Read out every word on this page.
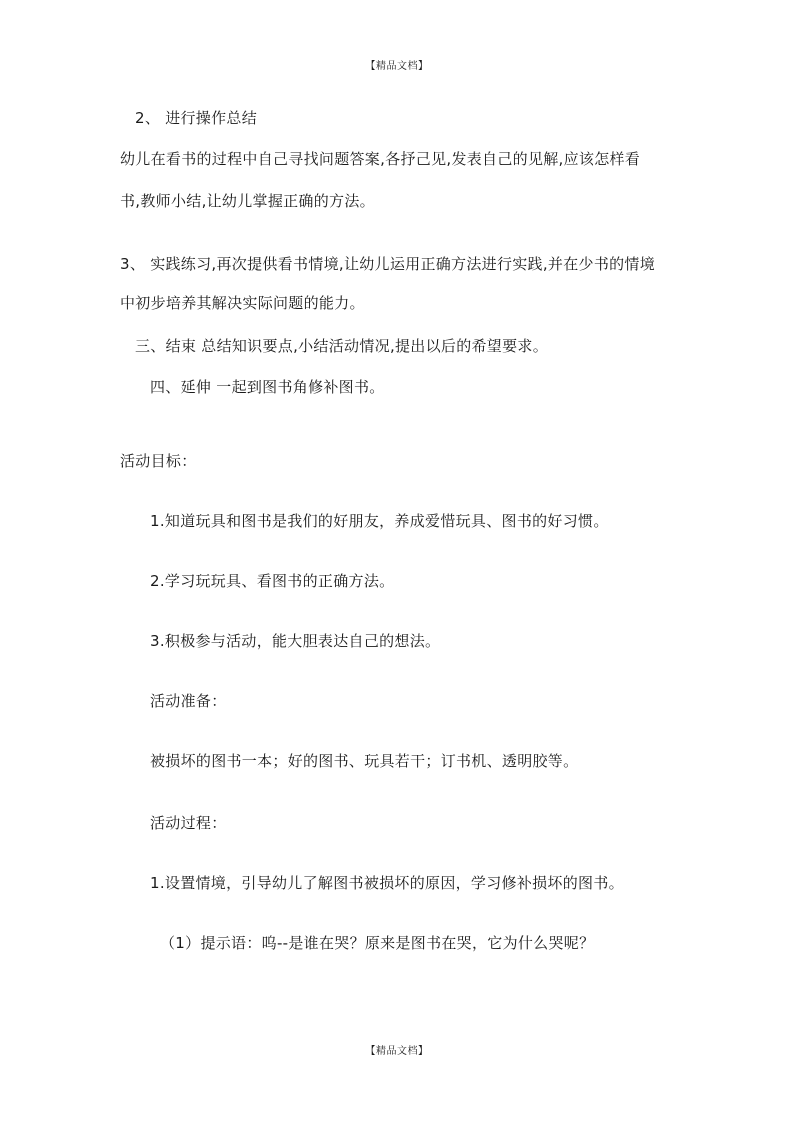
【精品文档】
2、 进行操作总结
幼儿在看书的过程中自己寻找问题答案,各抒己见,发表自己的见解,应该怎样看
书,教师小结,让幼儿掌握正确的方法。
3、 实践练习,再次提供看书情境,让幼儿运用正确方法进行实践,并在少书的情境
中初步培养其解决实际问题的能力。
三、结束 总结知识要点,小结活动情况,提出以后的希望要求。
四、延伸 一起到图书角修补图书。
活动目标：
1.知道玩具和图书是我们的好朋友，养成爱惜玩具、图书的好习惯。
2.学习玩玩具、看图书的正确方法。
3.积极参与活动，能大胆表达自己的想法。
活动准备：
被损坏的图书一本；好的图书、玩具若干；订书机、透明胶等。
活动过程：
1.设置情境，引导幼儿了解图书被损坏的原因，学习修补损坏的图书。
（1）提示语：呜--是谁在哭？原来是图书在哭，它为什么哭呢？
【精品文档】
